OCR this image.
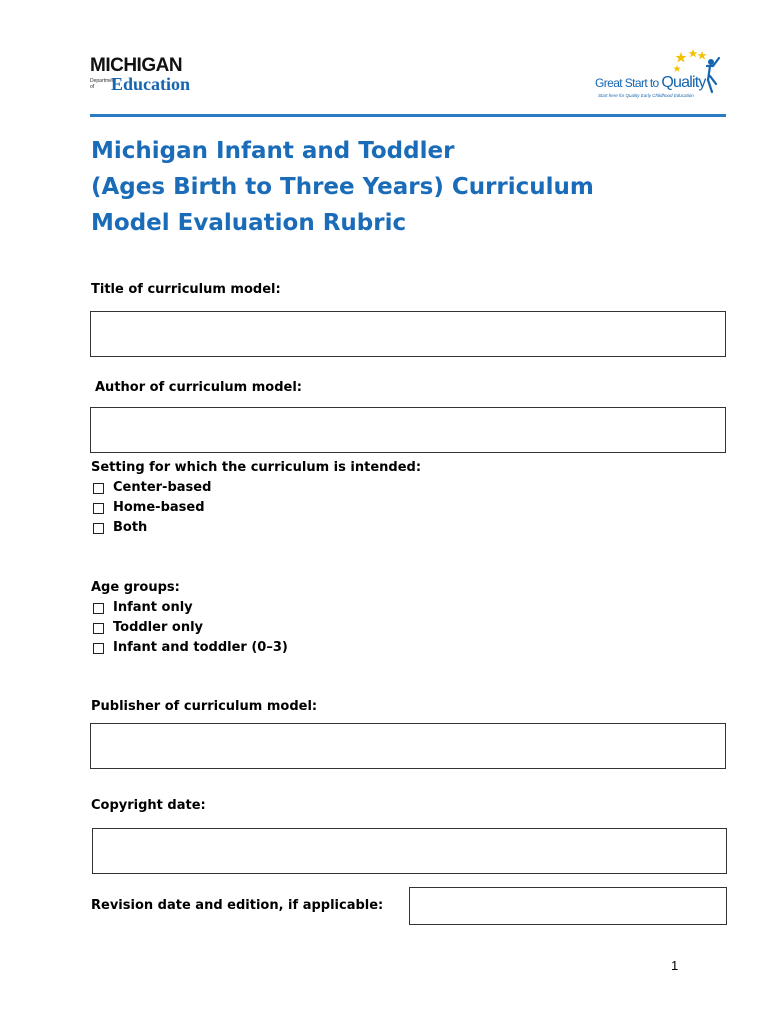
MICHIGAN
Department of Education	Great Start to Quality
Start here for Quality Early Childhood Education
Michigan Infant and Toddler
(Ages Birth to Three Years) Curriculum
Model Evaluation Rubric
Title of curriculum model:
Author of curriculum model:
Setting for which the curriculum is intended:
Center-based
Home-based
Both
Age groups:
Infant only
Toddler only
Infant and toddler (0–3)
Publisher of curriculum model:
Copyright date:
Revision date and edition, if applicable:
1
